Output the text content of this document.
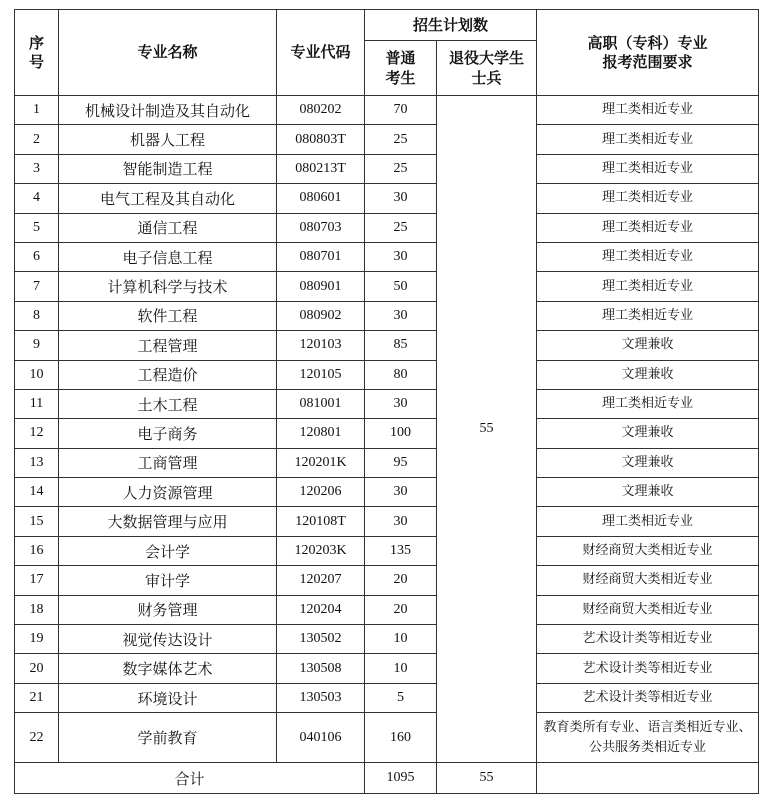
序号	专业名称	专业代码	招生计划数		高职（专科）专业报考范围要求
			普通考生	退役大学生士兵	
1	机械设计制造及其自动化	080202	70	55	理工类相近专业
2	机器人工程	080803T	25		理工类相近专业
3	智能制造工程	080213T	25		理工类相近专业
4	电气工程及其自动化	080601	30		理工类相近专业
5	通信工程	080703	25		理工类相近专业
6	电子信息工程	080701	30		理工类相近专业
7	计算机科学与技术	080901	50		理工类相近专业
8	软件工程	080902	30		理工类相近专业
9	工程管理	120103	85		文理兼收
10	工程造价	120105	80		文理兼收
11	土木工程	081001	30		理工类相近专业
12	电子商务	120801	100		文理兼收
13	工商管理	120201K	95		文理兼收
14	人力资源管理	120206	30		文理兼收
15	大数据管理与应用	120108T	30		理工类相近专业
16	会计学	120203K	135		财经商贸大类相近专业
17	审计学	120207	20		财经商贸大类相近专业
18	财务管理	120204	20		财经商贸大类相近专业
19	视觉传达设计	130502	10		艺术设计类等相近专业
20	数字媒体艺术	130508	10		艺术设计类等相近专业
21	环境设计	130503	5		艺术设计类等相近专业
22	学前教育	040106	160		教育类所有专业、语言类相近专业、公共服务类相近专业
合计			1095	55	
